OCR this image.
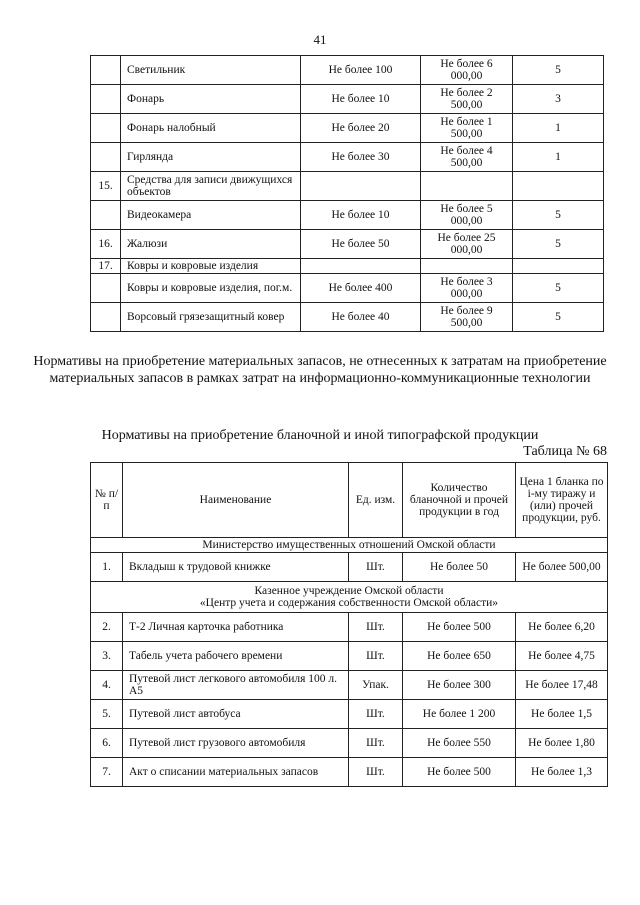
41
	Светильник	Не более 100	Не более 6 000,00	5
	Фонарь	Не более 10	Не более 2 500,00	3
	Фонарь налобный	Не более 20	Не более 1 500,00	1
	Гирлянда	Не более 30	Не более 4 500,00	1
15.	Средства для записи движущихся объектов			
	Видеокамера	Не более 10	Не более 5 000,00	5
16.	Жалюзи	Не более 50	Не более 25 000,00	5
17.	Ковры и ковровые изделия			
	Ковры и ковровые изделия, пог.м.	Не более 400	Не более 3 000,00	5
	Ворсовый грязезащитный ковер	Не более 40	Не более 9 500,00	5
Нормативы на приобретение материальных запасов, не отнесенных к затратам на приобретение материальных запасов в рамках затрат на информационно-коммуникационные технологии
Нормативы на приобретение бланочной и иной типографской продукции
Таблица № 68
№ п/п	Наименование	Ед. изм.	Количество бланочной и прочей продукции в год	Цена 1 бланка по i-му тиражу и (или) прочей продукции, руб.
Министерство имущественных отношений Омской области				
1.	Вкладыш к трудовой книжке	Шт.	Не более 50	Не более 500,00
Казенное учреждение Омской области
«Центр учета и содержания собственности Омской области»				
2.	Т-2 Личная карточка работника	Шт.	Не более 500	Не более 6,20
3.	Табель учета рабочего времени	Шт.	Не более 650	Не более 4,75
4.	Путевой лист легкового автомобиля 100 л. А5	Упак.	Не более 300	Не более 17,48
5.	Путевой лист автобуса	Шт.	Не более 1 200	Не более 1,5
6.	Путевой лист грузового автомобиля	Шт.	Не более 550	Не более 1,80
7.	Акт о списании материальных запасов	Шт.	Не более 500	Не более 1,3
